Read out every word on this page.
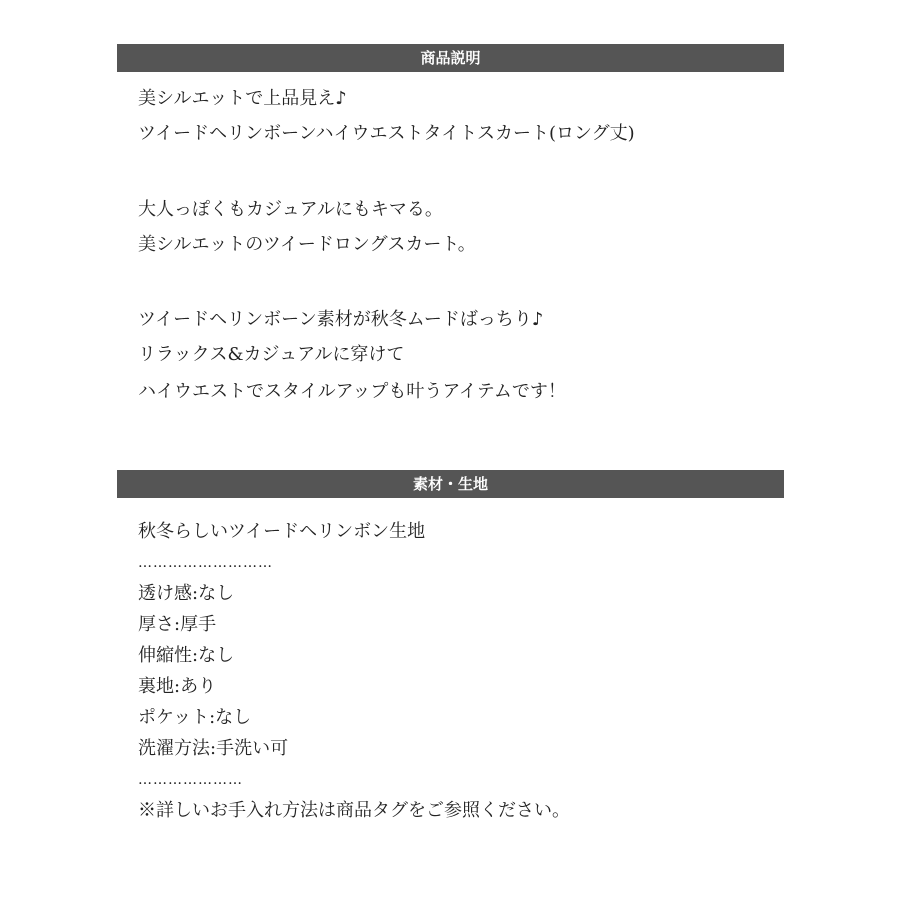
商品説明
美シルエットで上品見え♪
ツイードヘリンボーンハイウエストタイトスカート(ロング丈)
大人っぽくもカジュアルにもキマる。
美シルエットのツイードロングスカート。
ツイードヘリンボーン素材が秋冬ムードばっちり♪
リラックス&カジュアルに穿けて
ハイウエストでスタイルアップも叶うアイテムです！
素材・生地
秋冬らしいツイードヘリンボン生地
………………………
透け感:なし
厚さ:厚手
伸縮性:なし
裏地:あり
ポケット:なし
洗濯方法:手洗い可
…………………
※詳しいお手入れ方法は商品タグをご参照ください。
